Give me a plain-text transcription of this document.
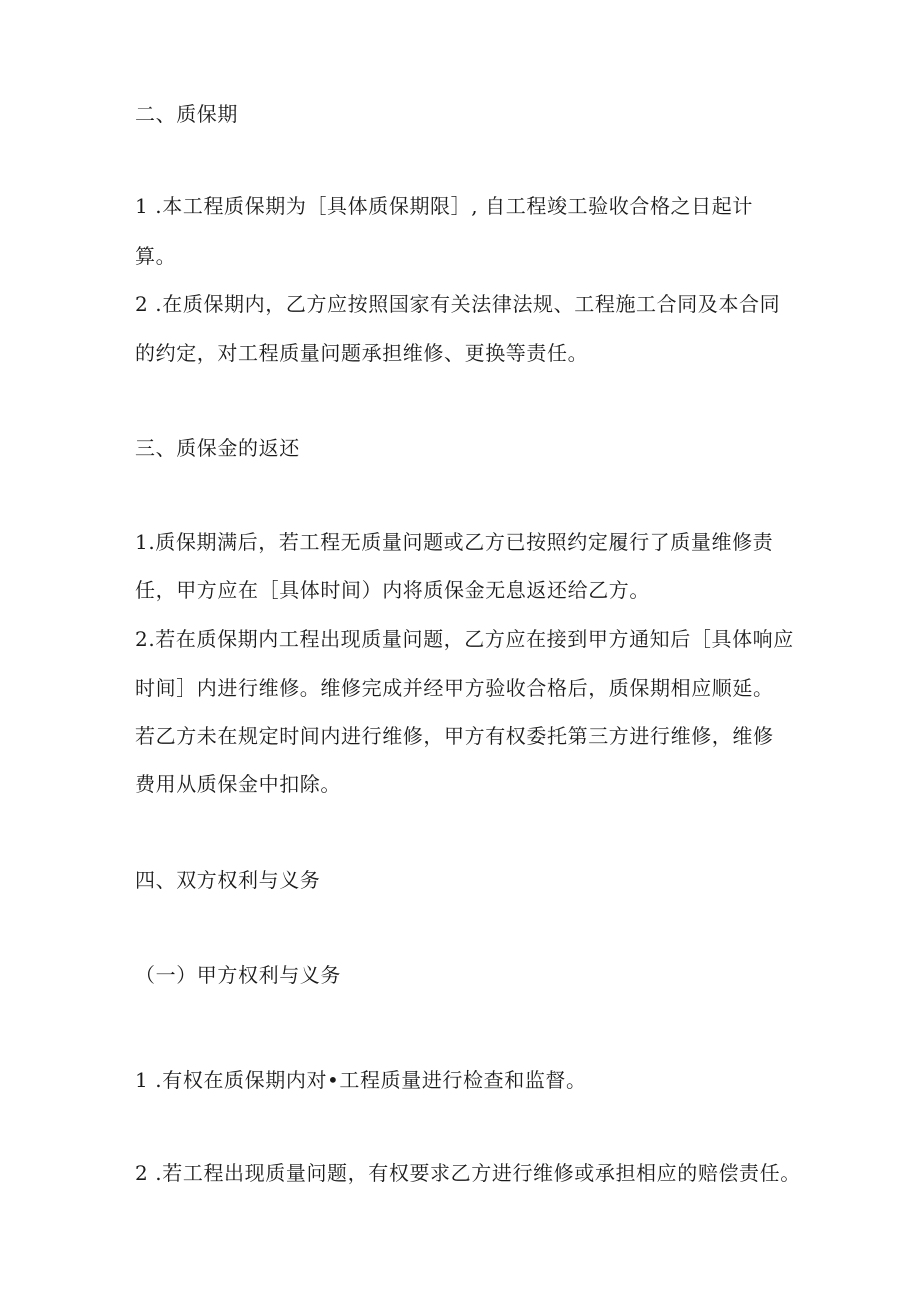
二、质保期
1 .本工程质保期为［具体质保期限］, 自工程竣工验收合格之日起计
算。
2 .在质保期内，乙方应按照国家有关法律法规、工程施工合同及本合同
的约定，对工程质量问题承担维修、更换等责任。
三、质保金的返还
1.质保期满后，若工程无质量问题或乙方已按照约定履行了质量维修责
任，甲方应在［具体时间）内将质保金无息返还给乙方。
2.若在质保期内工程出现质量问题，乙方应在接到甲方通知后［具体响应
时间］内进行维修。维修完成并经甲方验收合格后，质保期相应顺延。
若乙方未在规定时间内进行维修，甲方有权委托第三方进行维修，维修
费用从质保金中扣除。
四、双方权利与义务
（一）甲方权利与义务
1 .有权在质保期内对•工程质量进行检查和监督。
2 .若工程出现质量问题，有权要求乙方进行维修或承担相应的赔偿责任。
